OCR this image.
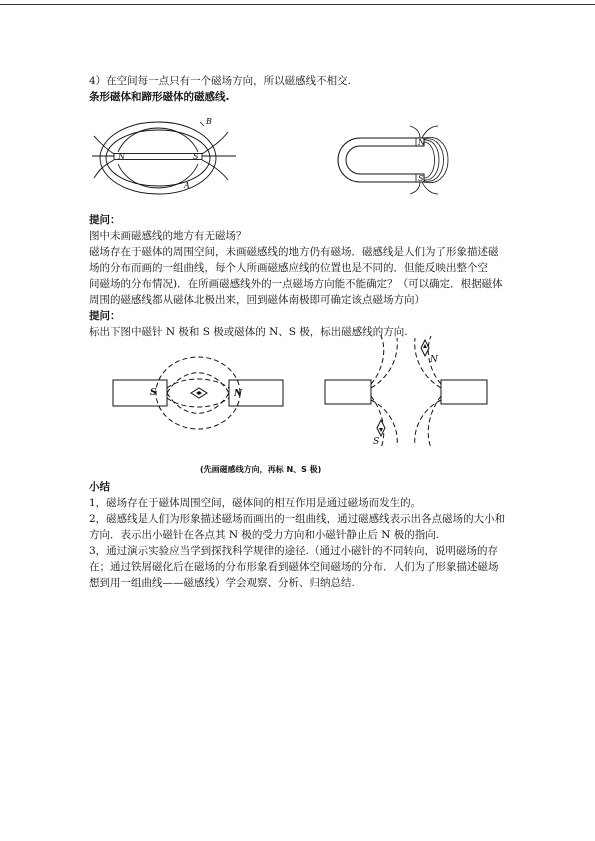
4）在空间每一点只有一个磁场方向，所以磁感线不相交.
条形磁体和蹄形磁体的磁感线.
N	S
B
A
N
S
提问：
图中未画磁感线的地方有无磁场？
磁场存在于磁体的周围空间，未画磁感线的地方仍有磁场．磁感线是人们为了形象描述磁
场的分布而画的一组曲线，每个人所画磁感应线的位置也是不同的．但能反映出整个空
间磁场的分布情况)．在所画磁感线外的一点磁场方向能不能确定？（可以确定．根据磁体
周围的磁感线都从磁体北极出来，回到磁体南极即可确定该点磁场方向）
提问：
标出下图中磁针 N 极和 S 极或磁体的 N、S 极，标出磁感线的方向.
S	N
N
S
(先画磁感线方向，再标 N、S 极)
小结
1，磁场存在于磁体周围空间，磁体间的相互作用是通过磁场而发生的。
2，磁感线是人们为形象描述磁场而画出的一组曲线，通过磁感线表示出各点磁场的大小和
方向．表示出小磁针在各点其 N 极的受力方向和小磁针静止后 N 极的指向.
3，通过演示实验应当学到探找科学规律的途径.（通过小磁针的不同转向，说明磁场的存
在；通过铁屑磁化后在磁场的分布形象看到磁体空间磁场的分布．人们为了形象描述磁场
想到用一组曲线——磁感线）学会观察、分析、归纳总结.
